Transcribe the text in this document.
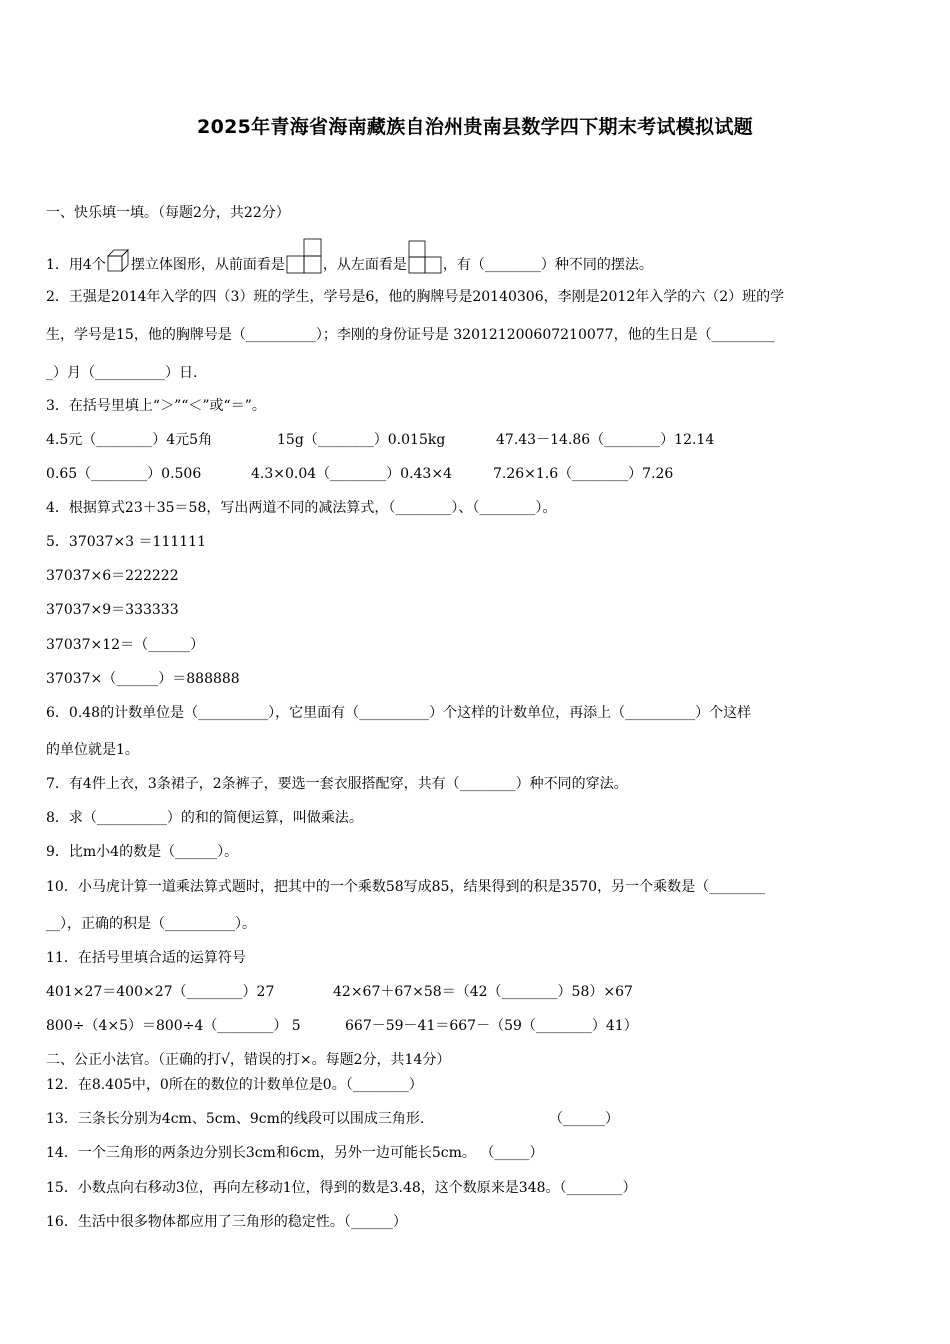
2025年青海省海南藏族自治州贵南县数学四下期末考试模拟试题
一、快乐填一填。（每题2分，共22分）
1．用4个 摆立体图形，从前面看是	，从左面看是	，有（________）种不同的摆法。
2．王强是2014年入学的四（3）班的学生，学号是6，他的胸牌号是20140306，李刚是2012年入学的六（2）班的学
生，学号是15，他的胸牌号是（__________）；李刚的身份证号是 320121200607210077，他的生日是（_________
_）月（__________）日.
3．在括号里填上“＞”“＜”或“＝”。
4.5元（________）4元5角	15g（________）0.015kg	47.43－14.86（________）12.14
0.65（________）0.506	4.3×0.04（________）0.43×4	7.26×1.6（________）7.26
4．根据算式23＋35＝58，写出两道不同的减法算式，（________）、（________）。
5．37037×3 ＝111111
37037×6＝222222
37037×9＝333333
37037×12＝（______）
37037×（______）＝888888
6．0.48的计数单位是（__________），它里面有（__________）个这样的计数单位，再添上（__________）个这样
的单位就是1。
7．有4件上衣，3条裙子，2条裤子，要选一套衣服搭配穿，共有（________）种不同的穿法。
8．求（__________）的和的简便运算，叫做乘法。
9．比m小4的数是（______）。
10．小马虎计算一道乘法算式题时，把其中的一个乘数58写成85，结果得到的积是3570，另一个乘数是（________
__），正确的积是（__________）。
11．在括号里填合适的运算符号
401×27＝400×27（________）27	42×67＋67×58＝（42（________）58）×67
800÷（4×5）＝800÷4（________） 5	667－59－41＝667－（59（________）41）
二、公正小法官。（正确的打√，错误的打×。每题2分，共14分）
12．在8.405中，0所在的数位的计数单位是0。（________）
13．三条长分别为4cm、5cm、9cm的线段可以围成三角形.	（______）
14．一个三角形的两条边分别长3cm和6cm，另外一边可能长5cm。 （_____）
15．小数点向右移动3位，再向左移动1位，得到的数是3.48，这个数原来是348。（________）
16．生活中很多物体都应用了三角形的稳定性。（______）
